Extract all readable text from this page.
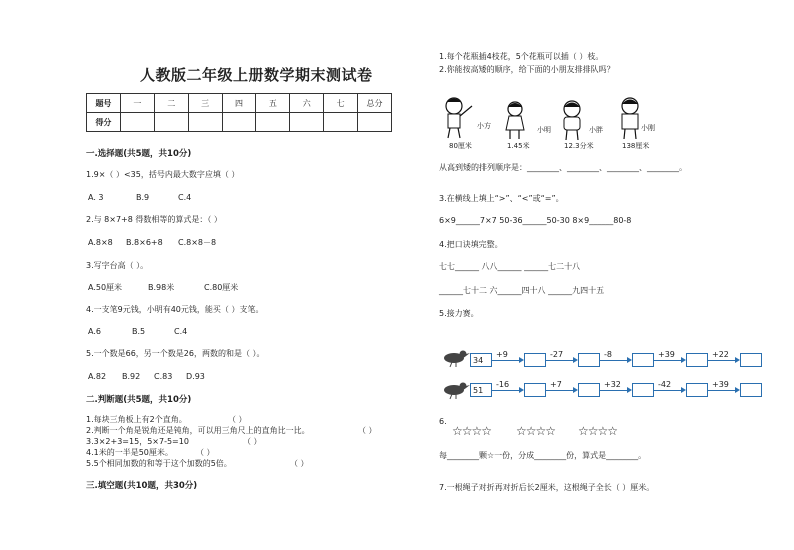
人教版二年级上册数学期末测试卷
题号	一	二	三	四	五	六	七	总分
得分								
一.选择题(共5题，共10分)
1.9×（ ）<35，括号内最大数字应填（ ）
A. 3	B.9	C.4
2.与 8×7+8 得数相等的算式是：（ ）
A.8×8 B.8×6+8 C.8×8－8
3.写字台高（ ）。
A.50厘米	B.98米	C.80厘米
4.一支笔9元钱，小明有40元钱，能买（ ）支笔。
A.6	B.5	C.4
5.一个数是66，另一个数是26，两数的和是（ ）。
A.82 B.92 C.83 D.93
二.判断题(共5题，共10分)
1.每块三角板上有2个直角。	（ ）
2.判断一个角是锐角还是钝角，可以用三角尺上的直角比一比。	（ ）
3.3×2+3=15，5×7-5=10	（ ）
4.1米的一半是50厘米。	（ ）
5.5个相同加数的和等于这个加数的5倍。	（ ）
三.填空题(共10题，共30分)
1.每个花瓶插4枝花，5个花瓶可以插（ ）枝。
2.你能按高矮的顺序，给下面的小朋友排排队吗？
小方
80厘米
小明
1.45米
小胖
12.3分米
小刚
138厘米
从高到矮的排列顺序是：________、________、________、________。
3.在横线上填上“>”、“<”或“=”。
6×9______7×7 50-36______50-30 8×9______80-8
4.把口诀填完整。
七七______ 八八______ ______七二十八
______七十二 六______四十八 ______九四十五
5.接力赛。
34
+9	-27	-8	+39	+22
51
-16	+7	+32	-42	+39
6.
☆☆☆☆ ☆☆☆☆ ☆☆☆☆
每________颗☆一份，分成________份，算式是________。
7.一根绳子对折再对折后长2厘米，这根绳子全长（ ）厘米。
